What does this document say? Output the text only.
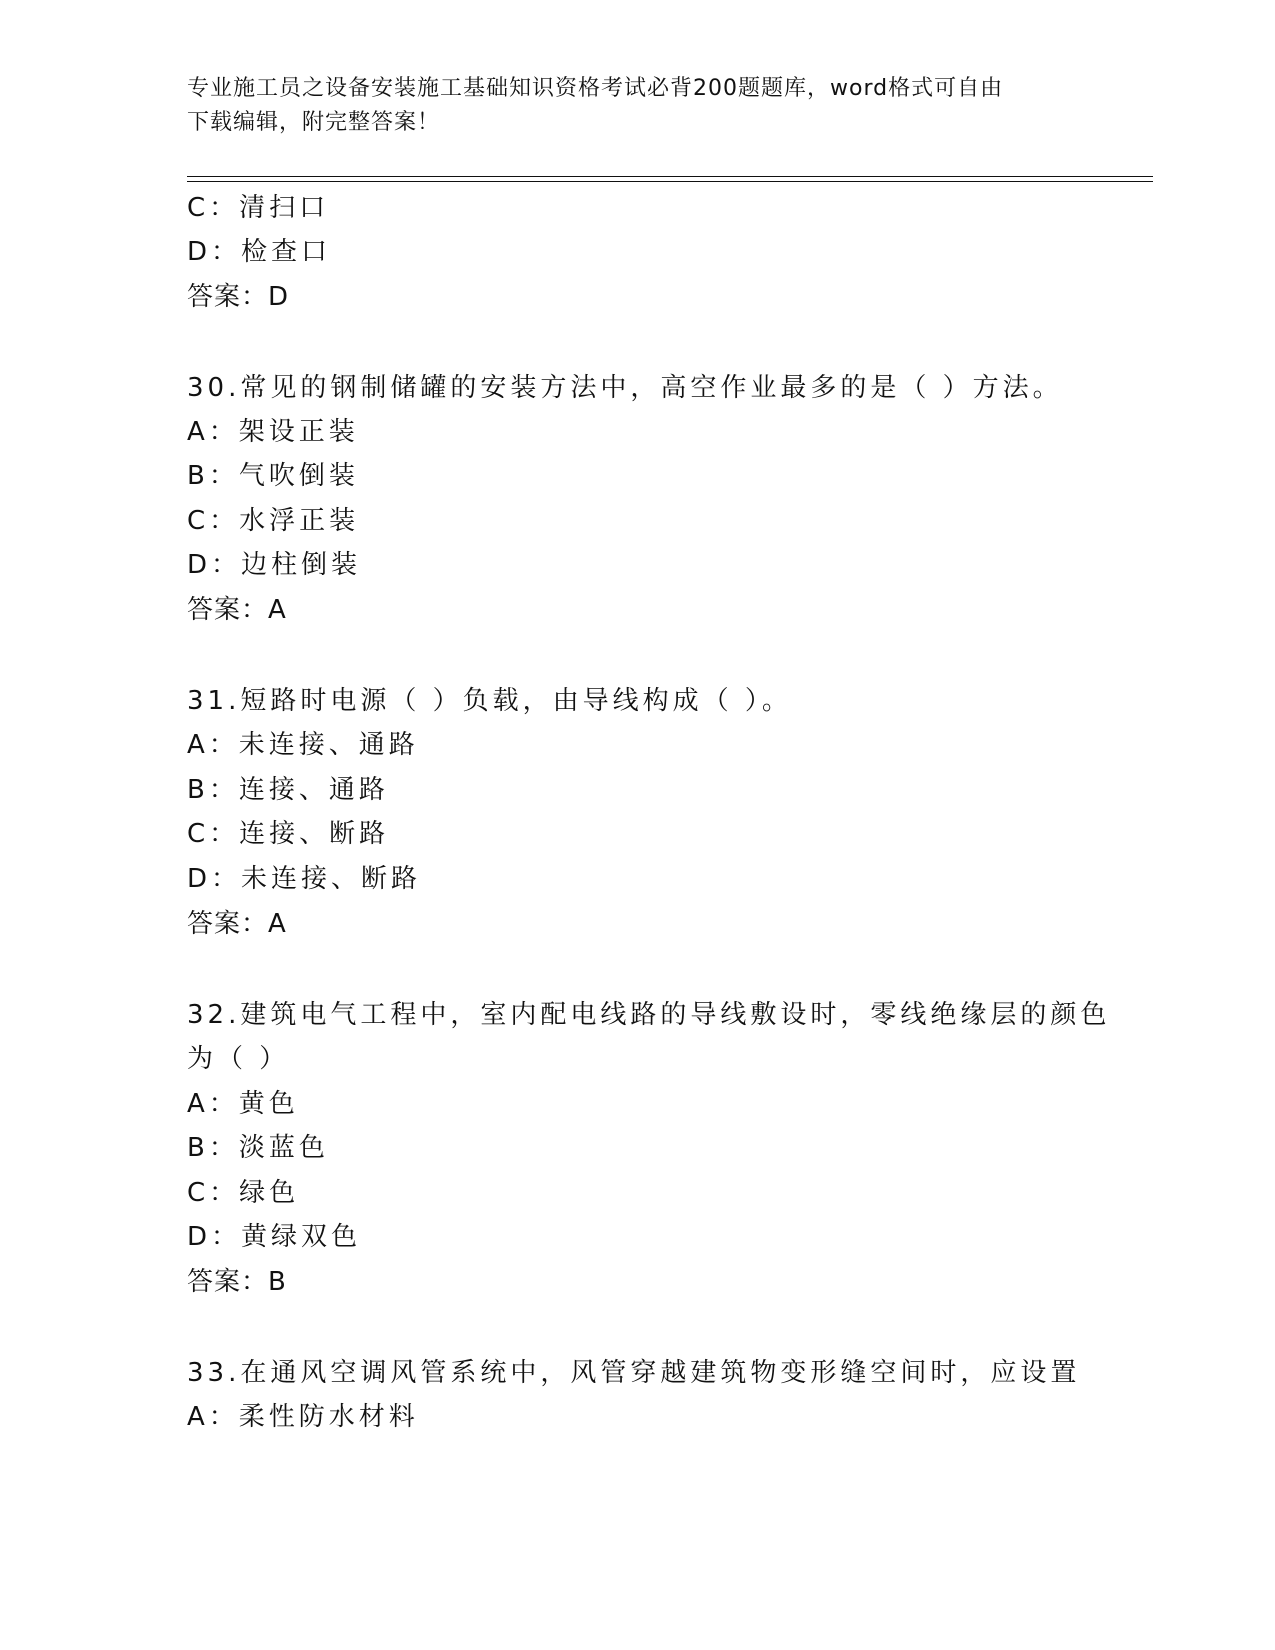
专业施工员之设备安装施工基础知识资格考试必背200题题库，word格式可自由
下载编辑，附完整答案！
C：清扫口
D：检查口
答案：D
30.常见的钢制储罐的安装方法中，高空作业最多的是（ ）方法。
A：架设正装
B：气吹倒装
C：水浮正装
D：边柱倒装
答案：A
31.短路时电源（ ）负载，由导线构成（ ）。
A：未连接、通路
B：连接、通路
C：连接、断路
D：未连接、断路
答案：A
32.建筑电气工程中，室内配电线路的导线敷设时，零线绝缘层的颜色
为（ ）
A：黄色
B：淡蓝色
C：绿色
D：黄绿双色
答案：B
33.在通风空调风管系统中，风管穿越建筑物变形缝空间时，应设置
A：柔性防水材料
